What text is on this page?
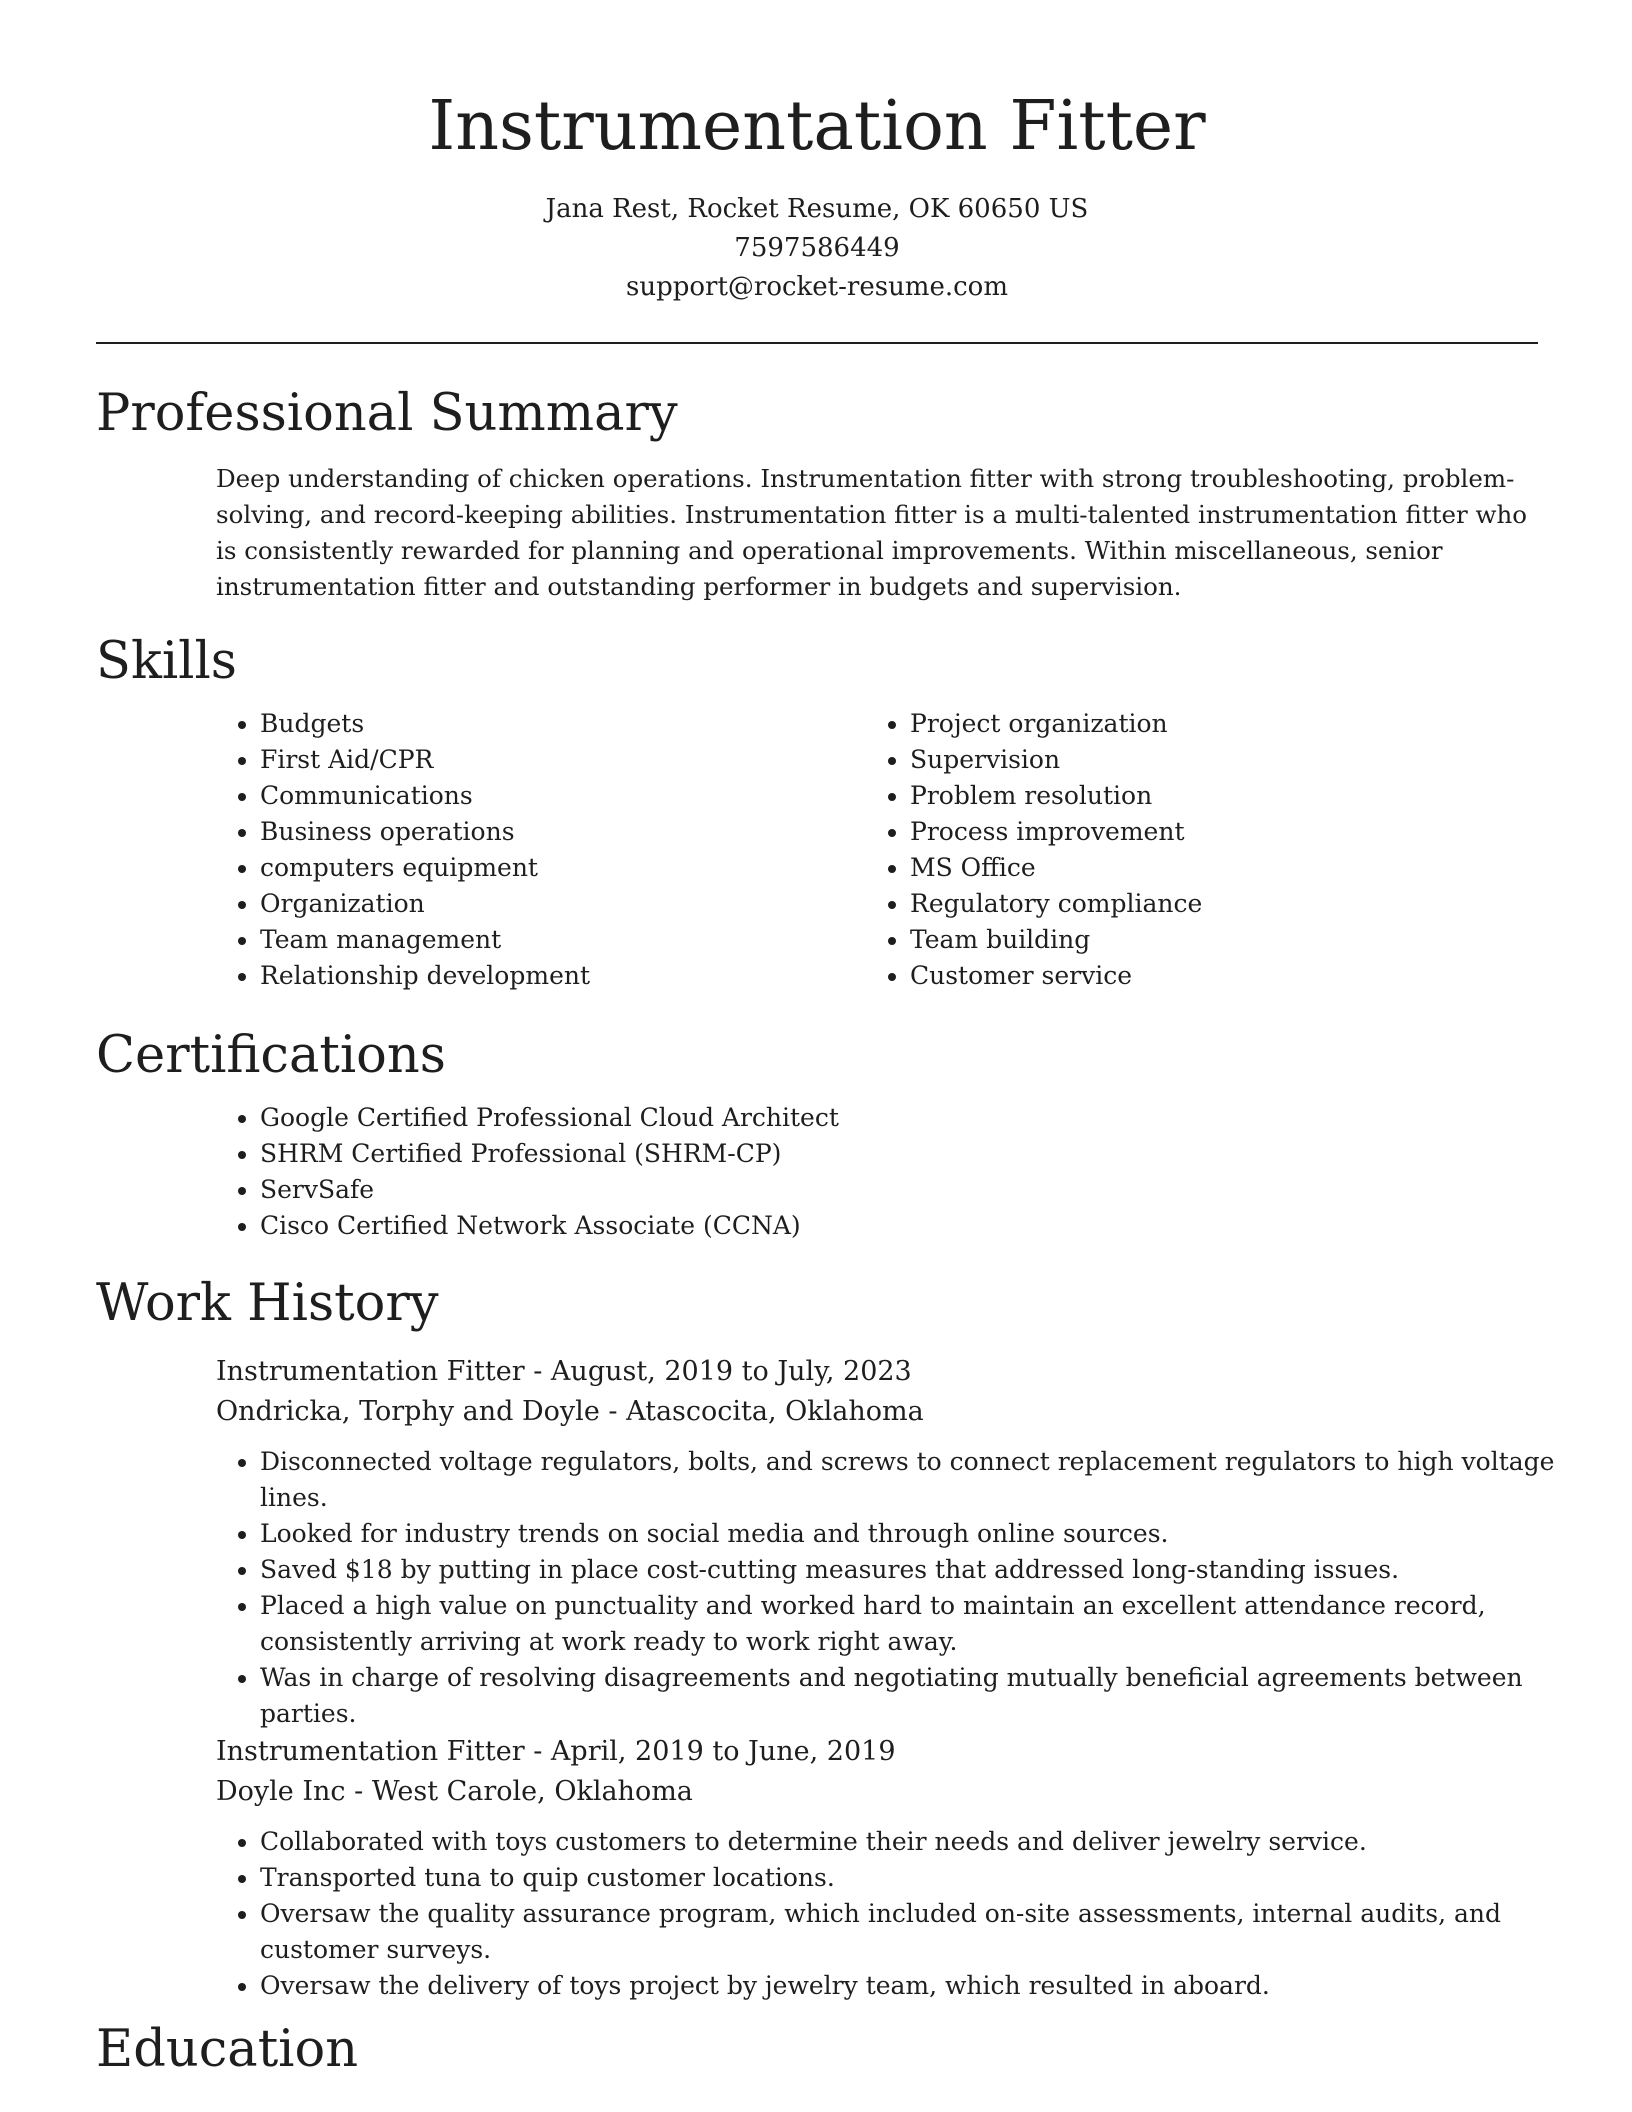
Instrumentation Fitter
Jana Rest, Rocket Resume, OK 60650 US
7597586449
support@rocket-resume.com
Professional Summary
Deep understanding of chicken operations. Instrumentation fitter with strong troubleshooting, problem-solving, and record-keeping abilities. Instrumentation fitter is a multi-talented instrumentation fitter who is consistently rewarded for planning and operational improvements. Within miscellaneous, senior instrumentation fitter and outstanding performer in budgets and supervision.
Skills
• Budgets
• First Aid/CPR
• Communications
• Business operations
• computers equipment
• Organization
• Team management
• Relationship development
• Project organization
• Supervision
• Problem resolution
• Process improvement
• MS Office
• Regulatory compliance
• Team building
• Customer service
Certifications
• Google Certified Professional Cloud Architect
• SHRM Certified Professional (SHRM-CP)
• ServSafe
• Cisco Certified Network Associate (CCNA)
Work History
Instrumentation Fitter - August, 2019 to July, 2023
Ondricka, Torphy and Doyle - Atascocita, Oklahoma
• Disconnected voltage regulators, bolts, and screws to connect replacement regulators to high voltage lines.
• Looked for industry trends on social media and through online sources.
• Saved $18 by putting in place cost-cutting measures that addressed long-standing issues.
• Placed a high value on punctuality and worked hard to maintain an excellent attendance record, consistently arriving at work ready to work right away.
• Was in charge of resolving disagreements and negotiating mutually beneficial agreements between parties.
Instrumentation Fitter - April, 2019 to June, 2019
Doyle Inc - West Carole, Oklahoma
• Collaborated with toys customers to determine their needs and deliver jewelry service.
• Transported tuna to quip customer locations.
• Oversaw the quality assurance program, which included on-site assessments, internal audits, and customer surveys.
• Oversaw the delivery of toys project by jewelry team, which resulted in aboard.
Education
